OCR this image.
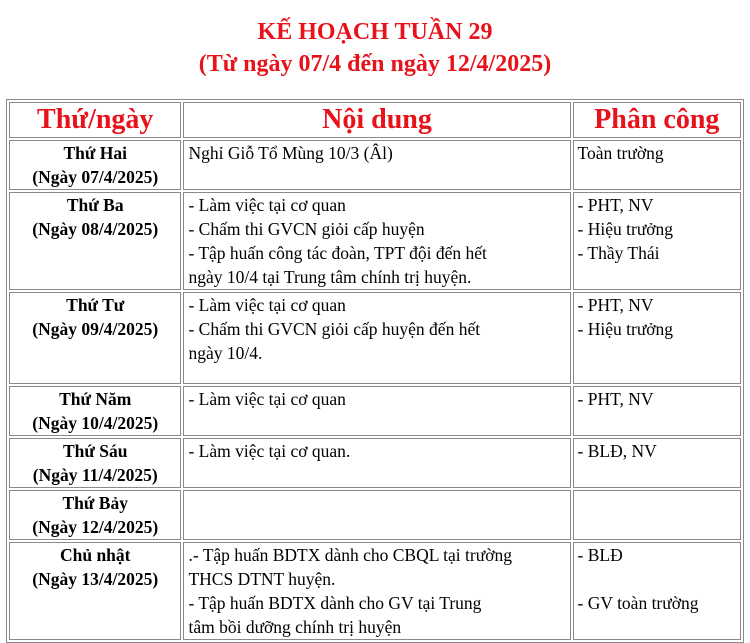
KẾ HOẠCH TUẦN 29
(Từ ngày 07/4 đến ngày 12/4/2025)
Thứ/ngày	Nội dung	Phân công

Thứ Hai
(Ngày 07/4/2025)	Nghỉ Giỗ Tổ Mùng 10/3 (Âl)	Toàn trường

Thứ Ba
(Ngày 08/4/2025)	- Làm việc tại cơ quan
- Chấm thi GVCN giỏi cấp huyện
- Tập huấn công tác đoàn, TPT đội đến hết
ngày 10/4 tại Trung tâm chính trị huyện.	- PHT, NV
- Hiệu trưởng
- Thầy Thái

Thứ Tư
(Ngày 09/4/2025)	- Làm việc tại cơ quan
- Chấm thi GVCN giỏi cấp huyện đến hết
ngày 10/4.	- PHT, NV
- Hiệu trưởng

Thứ Năm
(Ngày 10/4/2025)	- Làm việc tại cơ quan	- PHT, NV

Thứ Sáu
(Ngày 11/4/2025)	- Làm việc tại cơ quan.	- BLĐ, NV

Thứ Bảy
(Ngày 12/4/2025)		

Chủ nhật
(Ngày 13/4/2025)	.- Tập huấn BDTX dành cho CBQL tại trường
THCS DTNT huyện.
- Tập huấn BDTX dành cho GV tại Trung
tâm bồi dưỡng chính trị huyện	- BLĐ
- GV toàn trường
